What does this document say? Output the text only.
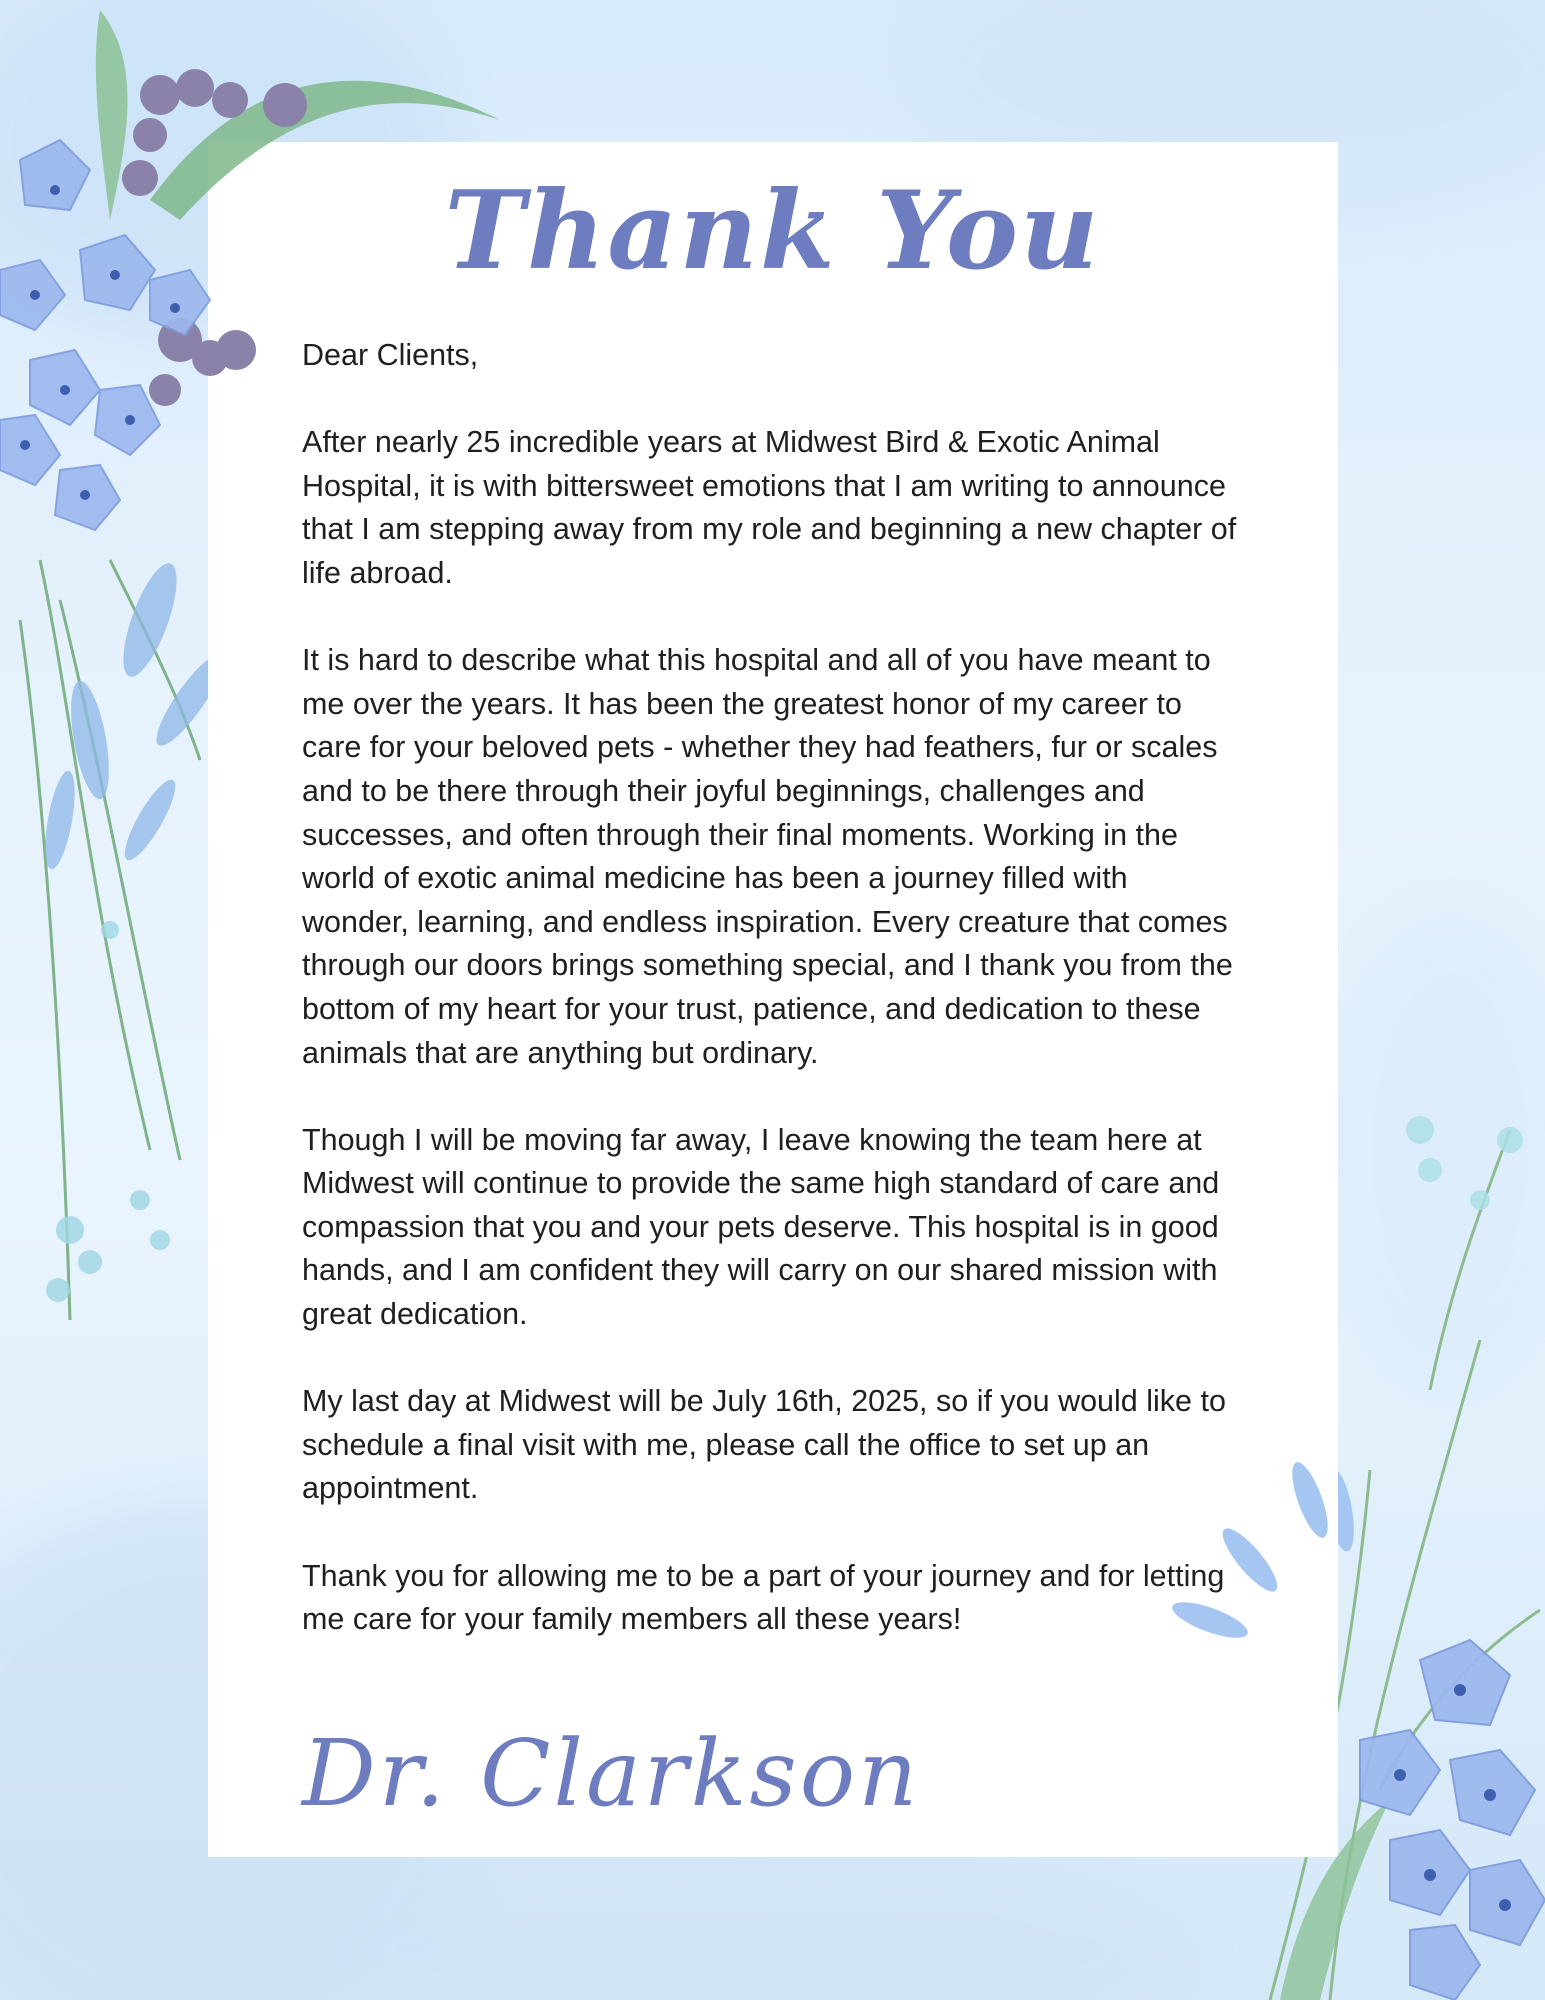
Thank You

Dear Clients,

After nearly 25 incredible years at Midwest Bird & Exotic Animal Hospital, it is with bittersweet emotions that I am writing to announce that I am stepping away from my role and beginning a new chapter of life abroad.

It is hard to describe what this hospital and all of you have meant to me over the years. It has been the greatest honor of my career to care for your beloved pets - whether they had feathers, fur or scales and to be there through their joyful beginnings, challenges and successes, and often through their final moments. Working in the world of exotic animal medicine has been a journey filled with wonder, learning, and endless inspiration. Every creature that comes through our doors brings something special, and I thank you from the bottom of my heart for your trust, patience, and dedication to these animals that are anything but ordinary.

Though I will be moving far away, I leave knowing the team here at Midwest will continue to provide the same high standard of care and compassion that you and your pets deserve. This hospital is in good hands, and I am confident they will carry on our shared mission with great dedication.

My last day at Midwest will be July 16th, 2025, so if you would like to schedule a final visit with me, please call the office to set up an appointment.

Thank you for allowing me to be a part of your journey and for letting me care for your family members all these years!

Dr. Clarkson
